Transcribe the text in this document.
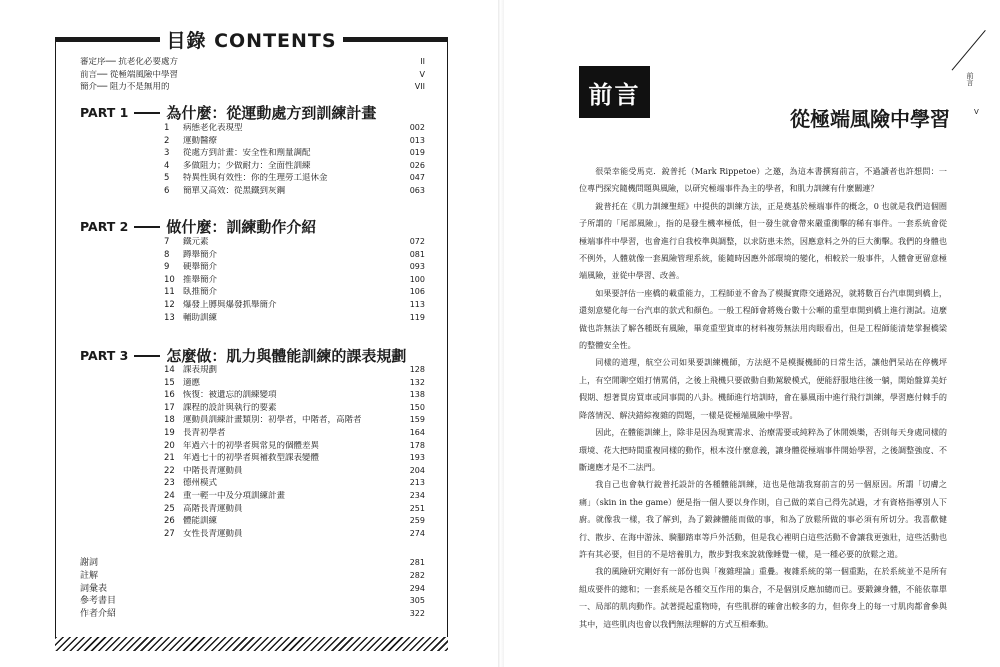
目錄 CONTENTS
審定序── 抗老化必要處方	II
前言── 從極端風險中學習	V
簡介── 阻力不是無用的	VII
PART 1	為什麼：從運動處方到訓練計畫
1 病態老化表現型	002
2 運動醫療	013
3 從處方到計畫：安全性和劑量調配	019
4 多做阻力；少做耐力：全面性訓練	026
5 特異性與有效性：你的生理勞工退休金	047
6 簡單又高效：從黑鐵到灰鋼	063
PART 2	做什麼：訓練動作介紹
7 鐵元素	072
8 蹲舉簡介	081
9 硬舉簡介	093
10 推舉簡介	100
11 臥推簡介	106
12 爆發上膊與爆發抓舉簡介	113
13 輔助訓練	119
PART 3	怎麼做：肌力與體能訓練的課表規劃
14 課表規劃	128
15 適應	132
16 恢復：被遺忘的訓練變項	138
17 課程的設計與執行的要素	150
18 運動員訓練計畫類別：初學者，中階者，高階者	159
19 長青初學者	164
20 年過六十的初學者與常見的個體差異	178
21 年過七十的初學者與補救型課表變體	193
22 中階長青運動員	204
23 德州模式	213
24 重一輕一中及分項訓練計畫	234
25 高階長青運動員	251
26 體能訓練	259
27 女性長青運動員	274
謝詞	281
註解	282
詞彙表	294
參考書目	305
作者介紹	322
前言
從極端風險中學習
前言
V

很榮幸能受馬克．銳普托（Mark Rippetoe）之邀，為這本書撰寫前言，不過讀者也許想問：一位專門探究隨機問題與風險，以研究極端事件為主的學者，和肌力訓練有什麼關連？

銳普托在《肌力訓練聖經》中提供的訓練方法，正是奠基於極端事件的概念，0 也就是我們這個圈子所謂的「尾部風險」，指的是發生機率極低，但一發生就會帶來嚴重衝擊的稀有事件。一套系統會從極端事件中學習，也會進行自我校準與調整，以求防患未然，因應意料之外的巨大衝擊。我們的身體也不例外，人體就像一套風險管理系統，能隨時因應外部環境的變化，相較於一般事件，人體會更留意極端風險，並從中學習、改善。

如果要評估一座橋的載重能力，工程師並不會為了模擬實際交通路況，就將數百台汽車開到橋上，還刻意變化每一台汽車的款式和顏色。一般工程師會將幾台數十公噸的重型車開到橋上進行測試。這麼做也許無法了解各種既有風險，畢竟重型貨車的材料複勞無法用肉眼看出，但是工程師能清楚掌握橋梁的整體安全性。

同樣的道理，航空公司如果要訓練機師，方法絕不是模擬機師的日常生活，讓他們呆站在停機坪上，有空閒聊空姐打情罵俏，之後上飛機只要啟動自動駕駛模式，便能舒服地往後一躺，開始盤算美好假期、想著買房買車或同事間的八卦。機師進行培訓時，會在暴風雨中進行飛行訓練，學習應付棘手的降落情況、解決錯綜複雜的問題，一樣是從極端風險中學習。

因此，在體能訓練上，除非是因為現實需求、治療需要或純粹為了休閒娛樂，否則每天身處同樣的環境、花大把時間重複同樣的動作，根本沒什麼意義，讓身體從極端事件開始學習，之後調整強度、不斷適應才是不二法門。

我自己也會執行銳普托設計的各種體能訓練，這也是他請我寫前言的另一個原因。所謂「切膚之痛」（skin in the game）便是指一個人要以身作則，自己做的菜自己得先試過，才有資格指導別人下廚。就像我一樣，我了解到，為了鍛鍊體能而做的事，和為了放鬆所做的事必須有所切分。我喜歡健行、散步、在海中游泳、騎腳踏車等戶外活動，但是我心裡明白這些活動不會讓我更強壯，這些活動也許有其必要，但目的不是培養肌力，散步對我來說就像睡覺一樣，是一種必要的放鬆之道。

我的風險研究剛好有一部份也與「複雜理論」重疊。複雜系統的第一個重點，在於系統並不是所有組成要件的總和；一套系統是各種交互作用的集合，不是個別反應加總而已。要鍛鍊身體，不能依靠單一、局部的肌肉動作。試著提起重物時，有些肌群的確會出較多的力，但你身上的每一寸肌肉都會參與其中，這些肌肉也會以我們無法理解的方式互相牽動。
